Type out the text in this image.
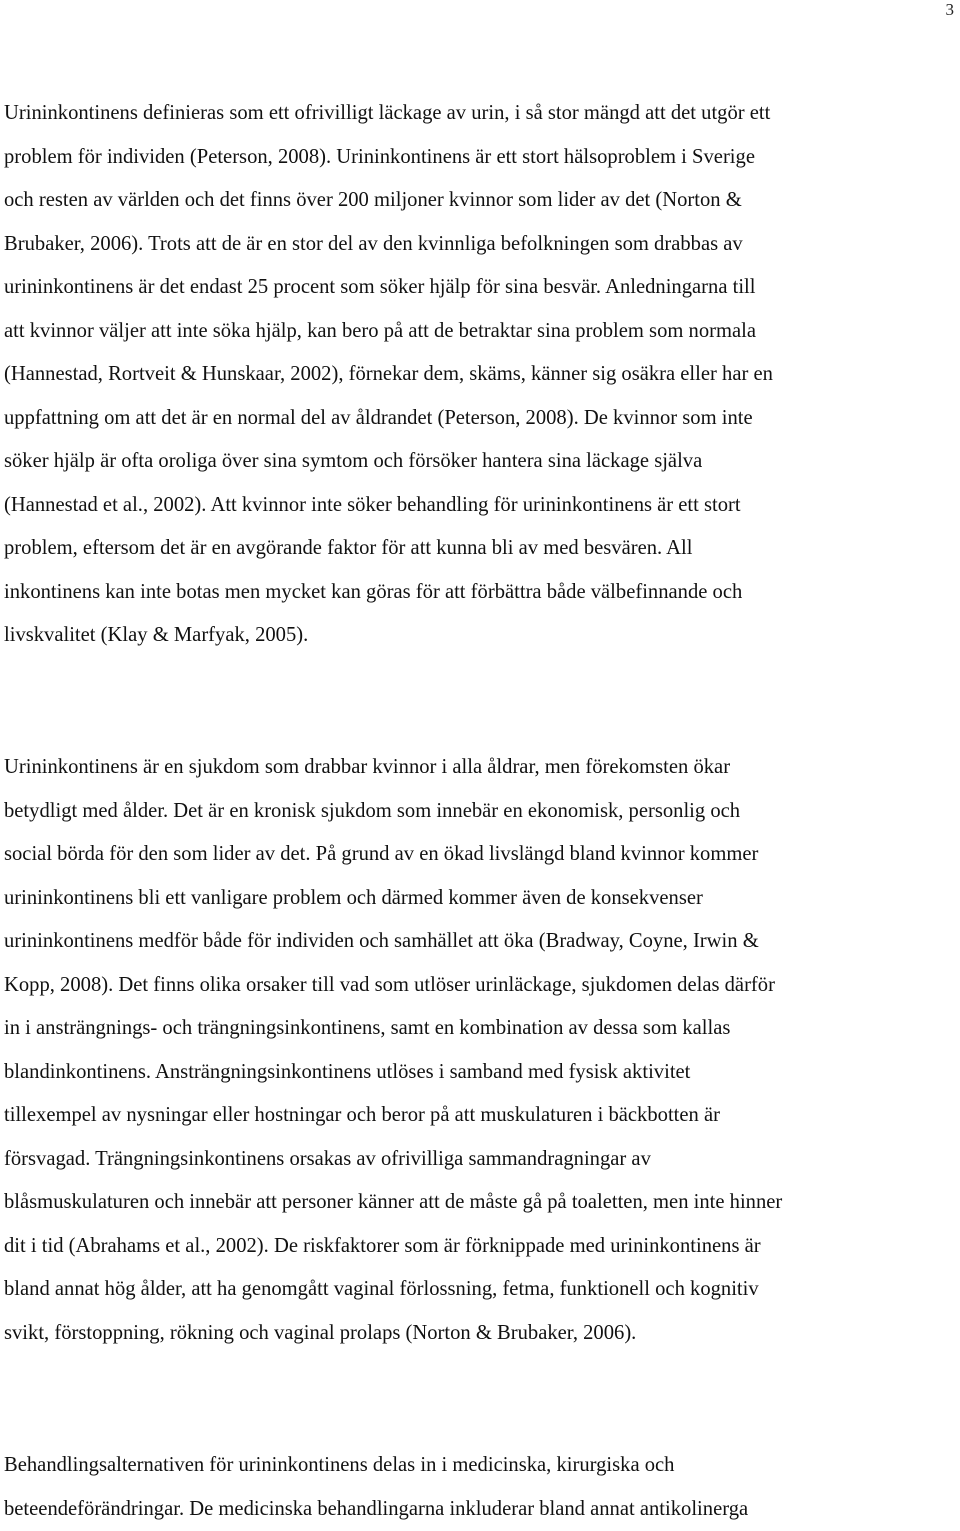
3
Urininkontinens definieras som ett ofrivilligt läckage av urin, i så stor mängd att det utgör ett
problem för individen (Peterson, 2008). Urininkontinens är ett stort hälsoproblem i Sverige
och resten av världen och det finns över 200 miljoner kvinnor som lider av det (Norton &
Brubaker, 2006). Trots att de är en stor del av den kvinnliga befolkningen som drabbas av
urininkontinens är det endast 25 procent som söker hjälp för sina besvär. Anledningarna till
att kvinnor väljer att inte söka hjälp, kan bero på att de betraktar sina problem som normala
(Hannestad, Rortveit & Hunskaar, 2002), förnekar dem, skäms, känner sig osäkra eller har en
uppfattning om att det är en normal del av åldrandet (Peterson, 2008). De kvinnor som inte
söker hjälp är ofta oroliga över sina symtom och försöker hantera sina läckage själva
(Hannestad et al., 2002). Att kvinnor inte söker behandling för urininkontinens är ett stort
problem, eftersom det är en avgörande faktor för att kunna bli av med besvären. All
inkontinens kan inte botas men mycket kan göras för att förbättra både välbefinnande och
livskvalitet (Klay & Marfyak, 2005).
Urininkontinens är en sjukdom som drabbar kvinnor i alla åldrar, men förekomsten ökar
betydligt med ålder. Det är en kronisk sjukdom som innebär en ekonomisk, personlig och
social börda för den som lider av det. På grund av en ökad livslängd bland kvinnor kommer
urininkontinens bli ett vanligare problem och därmed kommer även de konsekvenser
urininkontinens medför både för individen och samhället att öka (Bradway, Coyne, Irwin &
Kopp, 2008). Det finns olika orsaker till vad som utlöser urinläckage, sjukdomen delas därför
in i ansträngnings- och trängningsinkontinens, samt en kombination av dessa som kallas
blandinkontinens. Ansträngningsinkontinens utlöses i samband med fysisk aktivitet
tillexempel av nysningar eller hostningar och beror på att muskulaturen i bäckbotten är
försvagad. Trängningsinkontinens orsakas av ofrivilliga sammandragningar av
blåsmuskulaturen och innebär att personer känner att de måste gå på toaletten, men inte hinner
dit i tid (Abrahams et al., 2002). De riskfaktorer som är förknippade med urininkontinens är
bland annat hög ålder, att ha genomgått vaginal förlossning, fetma, funktionell och kognitiv
svikt, förstoppning, rökning och vaginal prolaps (Norton & Brubaker, 2006).
Behandlingsalternativen för urininkontinens delas in i medicinska, kirurgiska och
beteendeförändringar. De medicinska behandlingarna inkluderar bland annat antikolinerga
